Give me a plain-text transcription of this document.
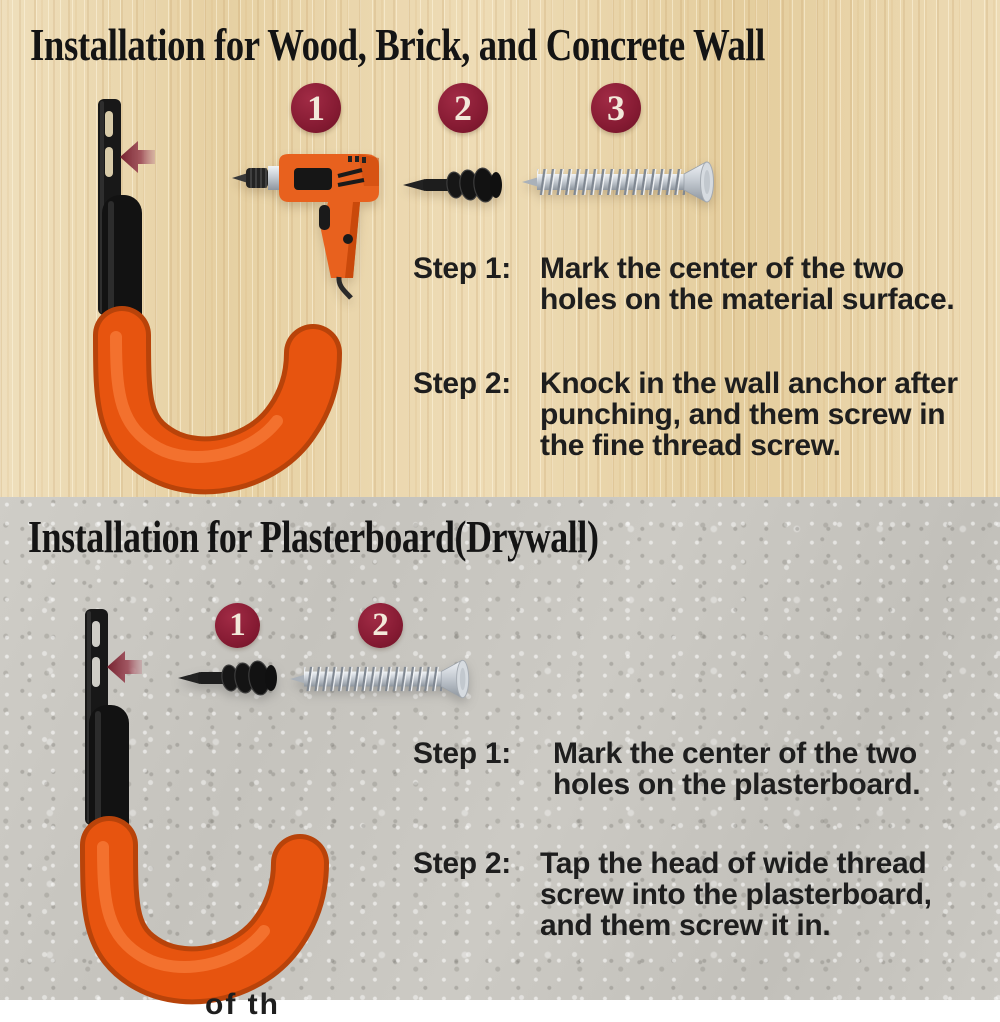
Installation for Wood, Brick, and Concrete Wall
1	2	3
Step 1: Mark the center of the two
holes on the material surface.
Step 2: Knock in the wall anchor after
punching, and them screw in
the fine thread screw.
Installation for Plasterboard(Drywall)
1	2
Step 1:	Mark the center of the two
holes on the plasterboard.
Step 2: Tap the head of wide thread
screw into the plasterboard,
and them screw it in.
of th
